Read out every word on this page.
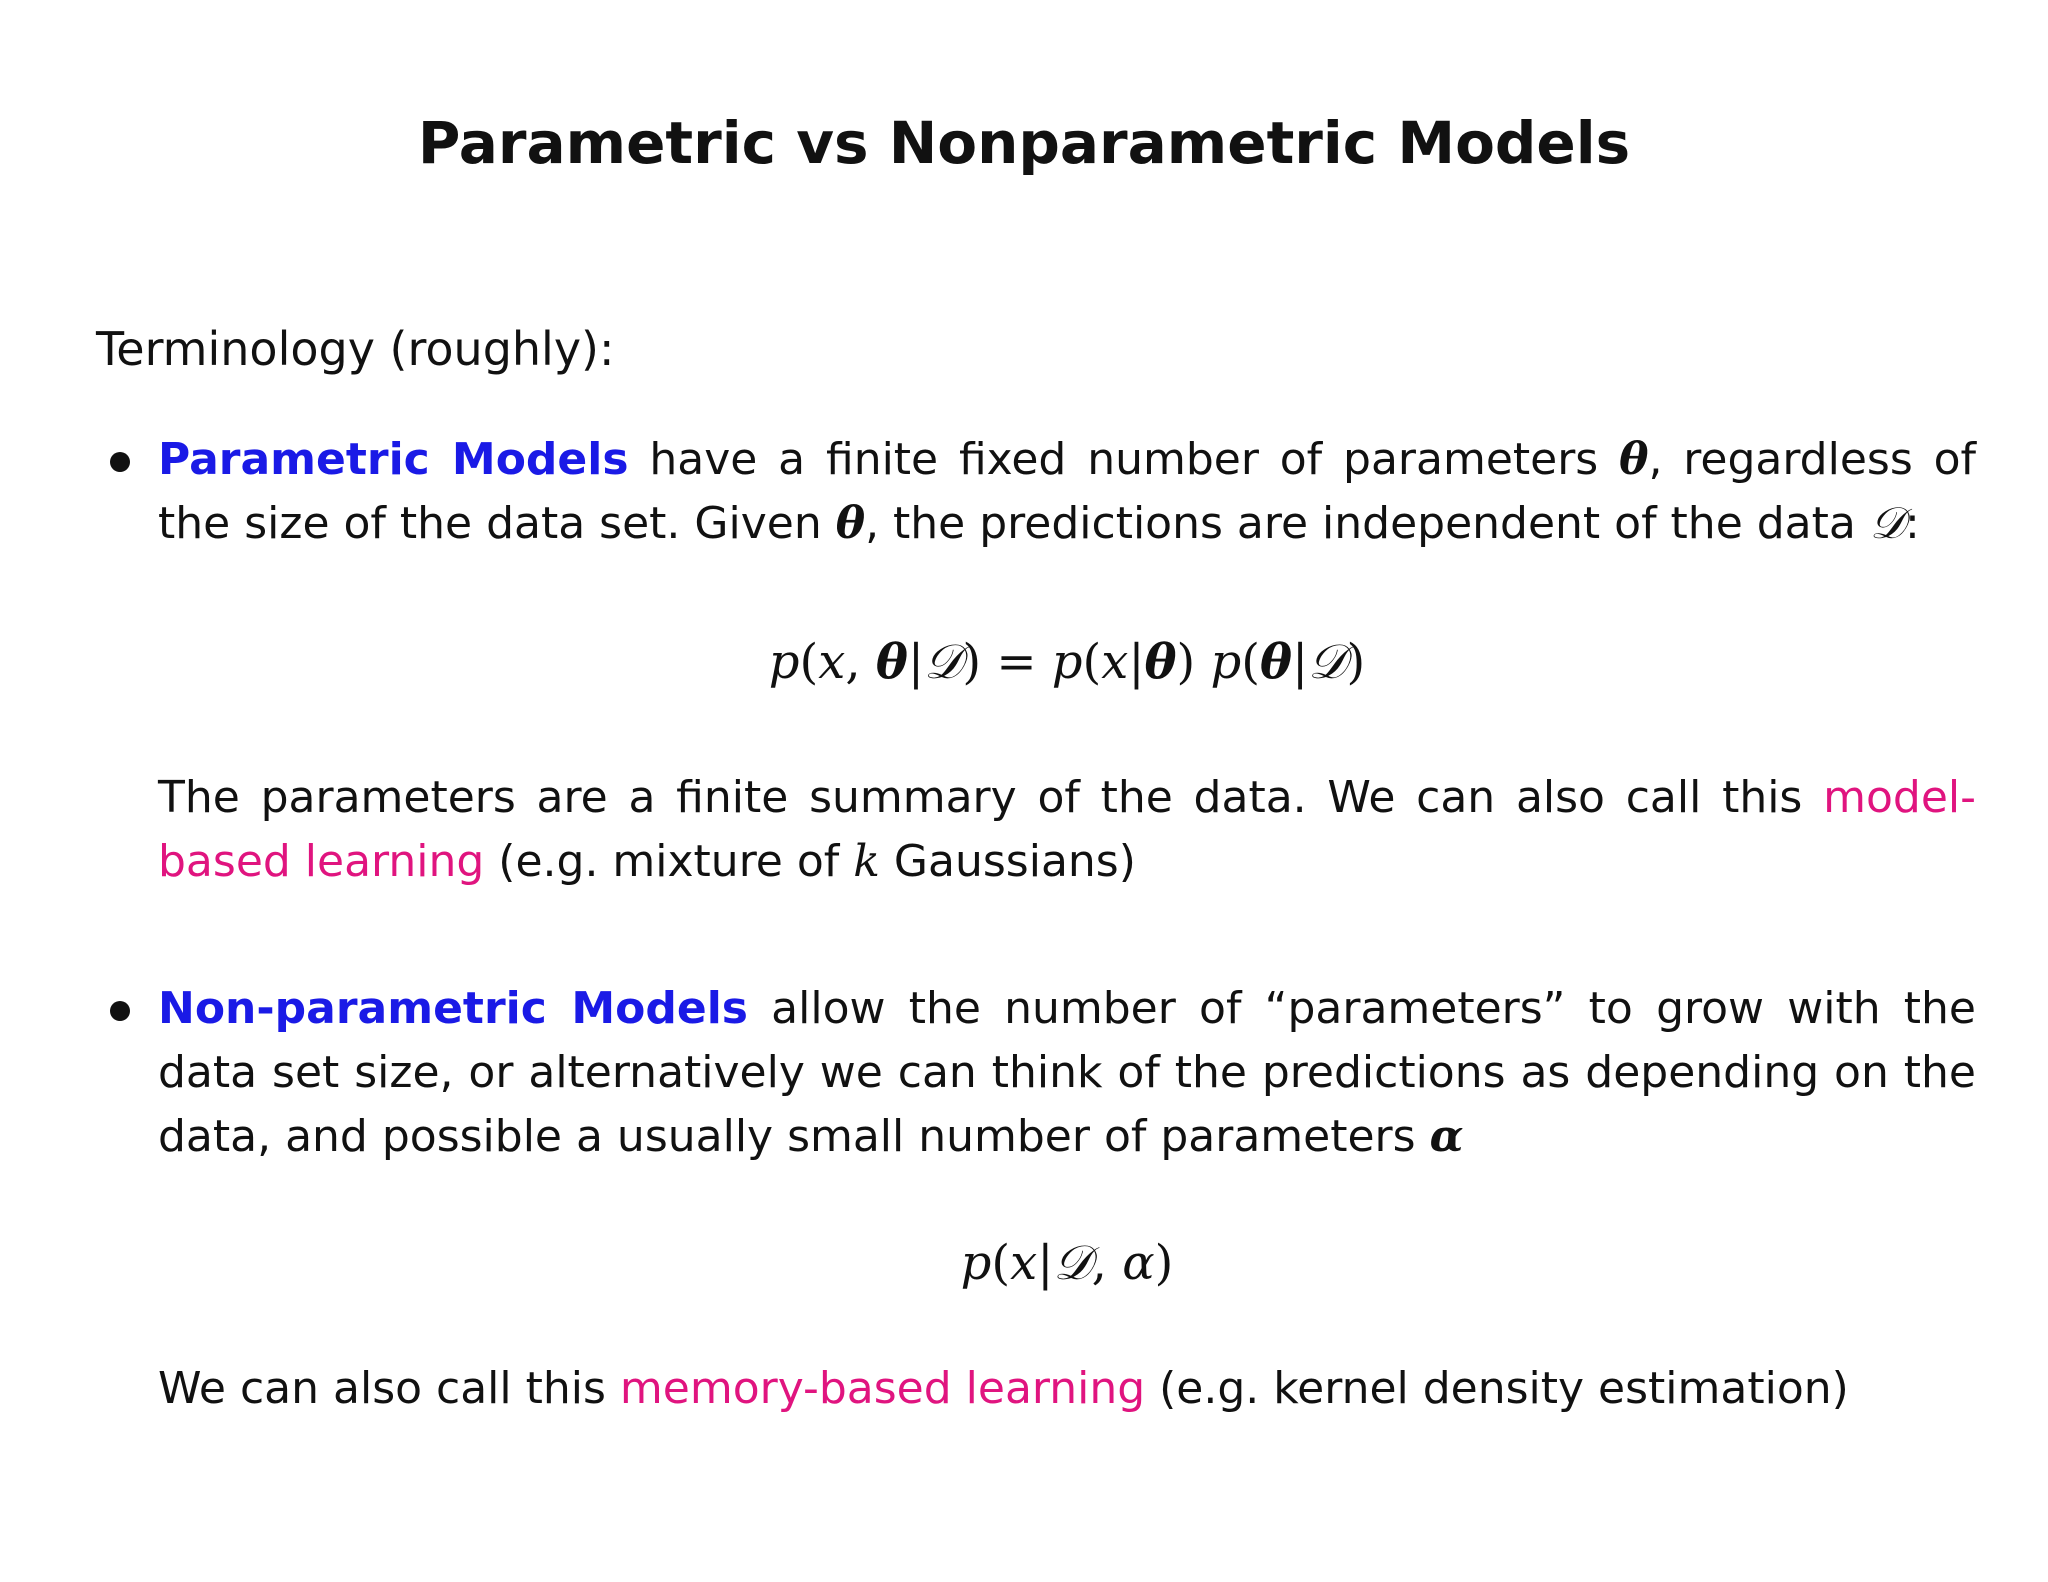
Parametric vs Nonparametric Models
Terminology (roughly):
Parametric Models have a finite fixed number of parameters θ, regardless of the size of the data set. Given θ, the predictions are independent of the data 𝒟:
p(x, θ|𝒟) = p(x|θ) p(θ|𝒟)
The parameters are a finite summary of the data. We can also call this model-based learning (e.g. mixture of k Gaussians)
Non-parametric Models allow the number of “parameters” to grow with the data set size, or alternatively we can think of the predictions as depending on the data, and possible a usually small number of parameters α
p(x|𝒟, α)
We can also call this memory-based learning (e.g. kernel density estimation)
